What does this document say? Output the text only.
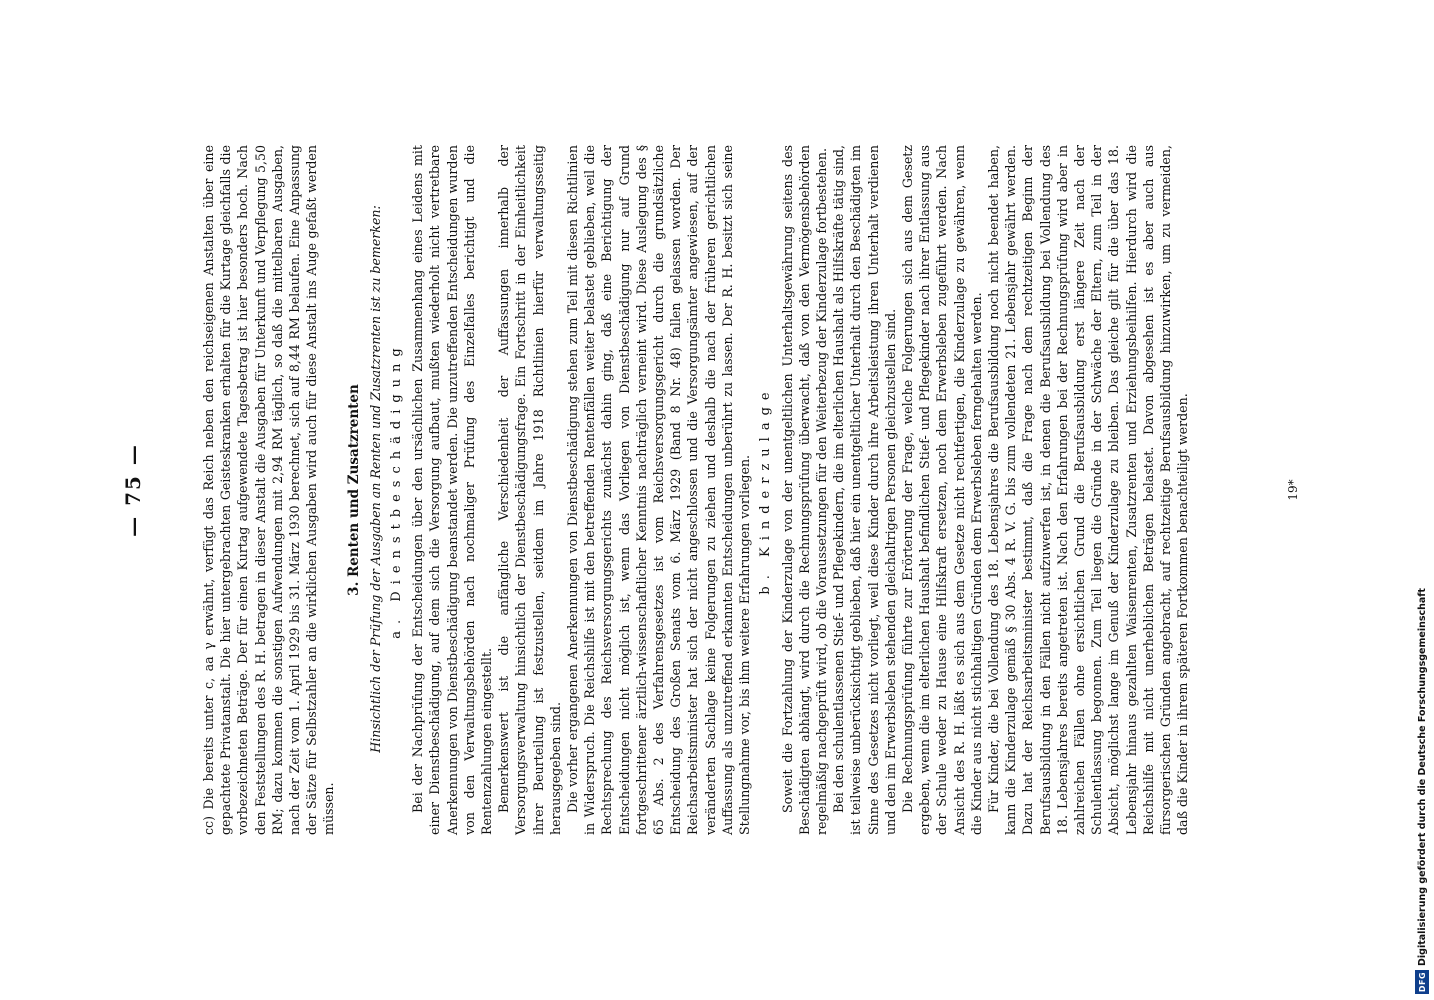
— 75 —	cc) Die bereits unter c, aa γ erwähnt, verfügt das Reich neben den reichseigenen Anstalten über eine gepachtete Privatanstalt. Die hier untergebrachten Geisteskranken erhalten für die Kurtage gleichfalls die vorbezeichneten Beträge. Der für einen Kurtag aufgewendete Tagesbetrag ist hier besonders hoch. Nach den Feststellungen des R. H. betragen in dieser Anstalt die Ausgaben für Unterkunft und Verpflegung 5,50 RM; dazu kommen die sonstigen Aufwendungen mit 2,94 RM täglich, so daß die mittelbaren Ausgaben, nach der Zeit vom 1. April 1929 bis 31. März 1930 berechnet, sich auf 8,44 RM belaufen. Eine Anpassung der Sätze für Selbstzahler an die wirklichen Ausgaben wird auch für diese Anstalt ins Auge gefaßt werden müssen.

3. Renten und Zusatzrenten Hinsichtlich der Prüfung der Ausgaben an Renten und Zusatzrenten ist zu bemerken: a. Dienstbeschädigung Bei der Nachprüfung der Entscheidungen über den ursächlichen Zusammenhang eines Leidens mit einer Dienstbeschädigung, auf dem sich die Versorgung aufbaut, mußten wiederholt nicht vertretbare Anerkennungen von Dienstbeschädigung beanstandet werden. Die unzutreffenden Entscheidungen wurden von den Verwaltungsbehörden nach nochmaliger Prüfung des Einzelfalles berichtigt und die Rentenzahlungen eingestellt. Bemerkenswert ist die anfängliche Verschiedenheit der Auffassungen innerhalb der Versorgungsverwaltung hinsichtlich der Dienstbeschädigungsfrage. Ein Fortschritt in der Einheitlichkeit ihrer Beurteilung ist festzustellen, seitdem im Jahre 1918 Richtlinien hierfür verwaltungsseitig herausgegeben sind. Die vorher ergangenen Anerkennungen von Dienstbeschädigung stehen zum Teil mit diesen Richtlinien in Widerspruch. Die Reichshilfe ist mit den betreffenden Rentenfällen weiter belastet geblieben, weil die Rechtsprechung des Reichsversorgungsgerichts zunächst dahin ging, daß eine Berichtigung der Entscheidungen nicht möglich ist, wenn das Vorliegen von Dienstbeschädigung nur auf Grund fortgeschrittener ärztlich-wissenschaftlicher Kenntnis nachträglich verneint wird. Diese Auslegung des § 65 Abs. 2 des Verfahrensgesetzes ist vom Reichsversorgungsgericht durch die grundsätzliche Entscheidung des Großen Senats vom 6. März 1929 (Band 8 Nr. 48) fallen gelassen worden. Der Reichsarbeitsminister hat sich der nicht angeschlossen und die Versorgungsämter angewiesen, auf der veränderten Sachlage keine Folgerungen zu ziehen und deshalb die nach der früheren gerichtlichen Auffassung als unzutreffend erkannten Entscheidungen unberührt zu lassen. Der R. H. besitzt sich seine Stellungnahme vor, bis ihm weitere Erfahrungen vorliegen. b. Kinderzulage Soweit die Fortzahlung der Kinderzulage von der unentgeltlichen Unterhaltsgewährung seitens des Beschädigten abhängt, wird durch die Rechnungsprüfung überwacht, daß von den Vermögensbehörden regelmäßig nachgeprüft wird, ob die Voraussetzungen für den Weiterbezug der Kinderzulage fortbestehen. Bei den schulentlassenen Stief- und Pflegekindern, die im elterlichen Haushalt als Hilfskräfte tätig sind, ist teilweise unberücksichtigt geblieben, daß hier ein unentgeltlicher Unterhalt durch den Beschädigten im Sinne des Gesetzes nicht vorliegt, weil diese Kinder durch ihre Arbeitsleistung ihren Unterhalt verdienen und den im Erwerbsleben stehenden gleichaltrigen Personen gleichzustellen sind. Die Rechnungsprüfung führte zur Erörterung der Frage, welche Folgerungen sich aus dem Gesetz ergeben, wenn die im elterlichen Haushalt befindlichen Stief- und Pflegekinder nach ihrer Entlassung aus der Schule weder zu Hause eine Hilfskraft ersetzen, noch dem Erwerbsleben zugeführt werden. Nach Ansicht des R. H. läßt es sich aus dem Gesetze nicht rechtfertigen, die Kinderzulage zu gewähren, wenn die Kinder aus nicht stichhaltigen Gründen dem Erwerbsleben ferngehalten werden. Für Kinder, die bei Vollendung des 18. Lebensjahres die Berufsausbildung noch nicht beendet haben, kann die Kinderzulage gemäß § 30 Abs. 4 R. V. G. bis zum vollendeten 21. Lebensjahr gewährt werden. Dazu hat der Reichsarbeitsminister bestimmt, daß die Frage nach dem rechtzeitigen Beginn der Berufsausbildung in den Fällen nicht aufzuwerfen ist, in denen die Berufsausbildung bei Vollendung des 18. Lebensjahres bereits angetreten ist. Nach den Erfahrungen bei der Rechnungsprüfung wird aber in zahlreichen Fällen ohne ersichtlichen Grund die Berufsausbildung erst längere Zeit nach der Schulentlassung begonnen. Zum Teil liegen die Gründe in der Schwäche der Eltern, zum Teil in der Absicht, möglichst lange im Genuß der Kinderzulage zu bleiben. Das gleiche gilt für die über das 18. Lebensjahr hinaus gezahlten Waisenrenten, Zusatzrenten und Erziehungsbeihilfen. Hierdurch wird die Reichshilfe mit nicht unerheblichen Beträgen belastet. Davon abgesehen ist es aber auch aus fürsorgerischen Gründen angebracht, auf rechtzeitige Berufsausbildung hinzuwirken, um zu vermeiden, daß die Kinder in ihrem späteren Fortkommen benachteiligt werden.	19*
DFG
Digitalisierung gefördert durch die Deutsche Forschungsgemeinschaft
